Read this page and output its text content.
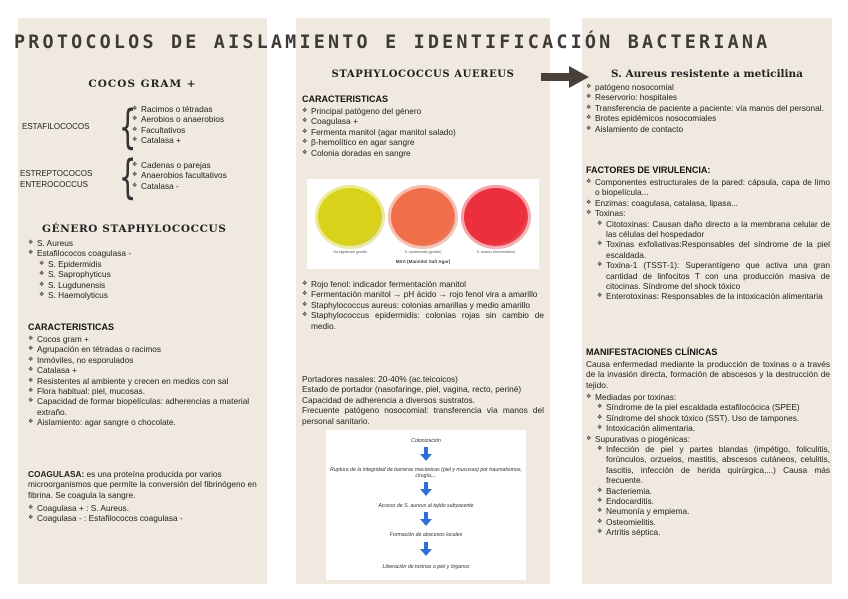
PROTOCOLOS DE AISLAMIENTO E IDENTIFICACIÓN BACTERIANA
COCOS GRAM +
ESTAFILOCOCOS { ❖ Racimos o tétradas
❖ Aerobios o anaerobios
❖ Facultativos
❖ Catalasa +
ESTREPTOCOCOS
ENTEROCOCCUS { ❖ Cadenas o parejas
❖ Anaerobios facultativos
❖ Catalasa -
GÉNERO STAPHYLOCOCCUS
❖ S. Aureus
❖ Estafilococos coagulasa -
❖ S. Epidermidis
❖ S. Saprophyticus
❖ S. Lugdunensis
❖ S. Haemolyticus
CARACTERISTICAS
❖ Cocos gram +
❖ Agrupación en tétradas o racimos
❖ Inmóviles, no esporulados
❖ Catalasa +
❖ Resistentes al ambiente y crecen en medios con sal
❖ Flora habitual: piel, mucosas.
❖ Capacidad de formar biopelículas: adherencias a material extraño.
❖ Aislamiento: agar sangre o chocolate.
COAGULASA: es una proteína producida por varios microorganismos que permite la conversión del fibrinógeno en fibrina. Se coagula la sangre.
❖ Coagulasa + : S. Aureus.
❖ Coagulasa - : Estafilococos coagulasa -
STAPHYLOCOCCUS AUEREUS
CARACTERISTICAS
❖ Principal patógeno del género
❖ Coagulasa +
❖ Fermenta manitol (agar manitol salado)
❖ β-hemolítico en agar sangre
❖ Colonia doradas en sangre
❖ Rojo fenol: indicador fermentación manitol
❖ Fermentación manitol → pH ácido → rojo fenol vira a amarillo
❖ Staphylococcus aureus: colonias amarillas y medio amarillo
❖ Staphylococcus epidermidis: colonias rojas sin cambio de medio.
Portadores nasales: 20-40% (ac.teicoicos)
Estado de portador (nasofaringe, piel, vagina, recto, periné)
Capacidad de adherencia a diversos sustratos.
Frecuente patógeno nosocomial: transferencia vía manos del personal sanitario.
No significant growth	S. epidermidis (growth)	S. aureus (fermentation)
MSA (Mannitol Salt Agar)
Colonización
Ruptura de la integridad de barreras mecánicas (piel y mucosas) por traumatismos, cirugía,...
Acceso de S. aureus al tejido subyacente
Formación de abscesos locales
Liberación de toxinas o piel y órganos
S. Aureus resistente a meticilina
❖ patógeno nosocomial
❖ Reservorio: hospitales
❖ Transferencia de paciente a paciente: vía manos del personal.
❖ Brotes epidémicos nosocomiales
❖ Aislamiento de contacto
FACTORES DE VIRULENCIA:
❖ Componentes estructurales de la pared: cápsula, capa de limo o biopelícula...
❖ Enzimas: coagulasa, catalasa, lipasa...
❖ Toxinas:
❖ Citotoxinas: Causan daño directo a la membrana celular de las células del hospedador
❖ Toxinas exfoliativas:Responsables del síndrome de la piel escaldada.
❖ Toxina-1 (TSST-1): Superantígeno que activa una gran cantidad de linfocitos T con una producción masiva de citocinas. Síndrome del shock tóxico
❖ Enterotoxinas: Responsables de la intoxicación alimentaria
MANIFESTACIONES CLÍNICAS
Causa enfermedad mediante la producción de toxinas o a través de la invasión directa, formación de abscesos y la destrucción de tejido.
❖ Mediadas por toxinas:
❖ Síndrome de la piel escaldada estafilocócica (SPEE)
❖ Síndrome del shock tóxico (SST). Uso de tampones.
❖ Intoxicación alimentaria.
❖ Supurativas o piogénicas:
❖ Infección de piel y partes blandas (impétigo, foliculitis, forúnculos, orzuelos, mastitis, abscesos cutáneos, celulitis, fascitis, infección de herida quirúrgica,...) Causa más frecuente.
❖ Bacteriemia.
❖ Endocarditis.
❖ Neumonía y empiema.
❖ Osteomielitis.
❖ Artritis séptica.
